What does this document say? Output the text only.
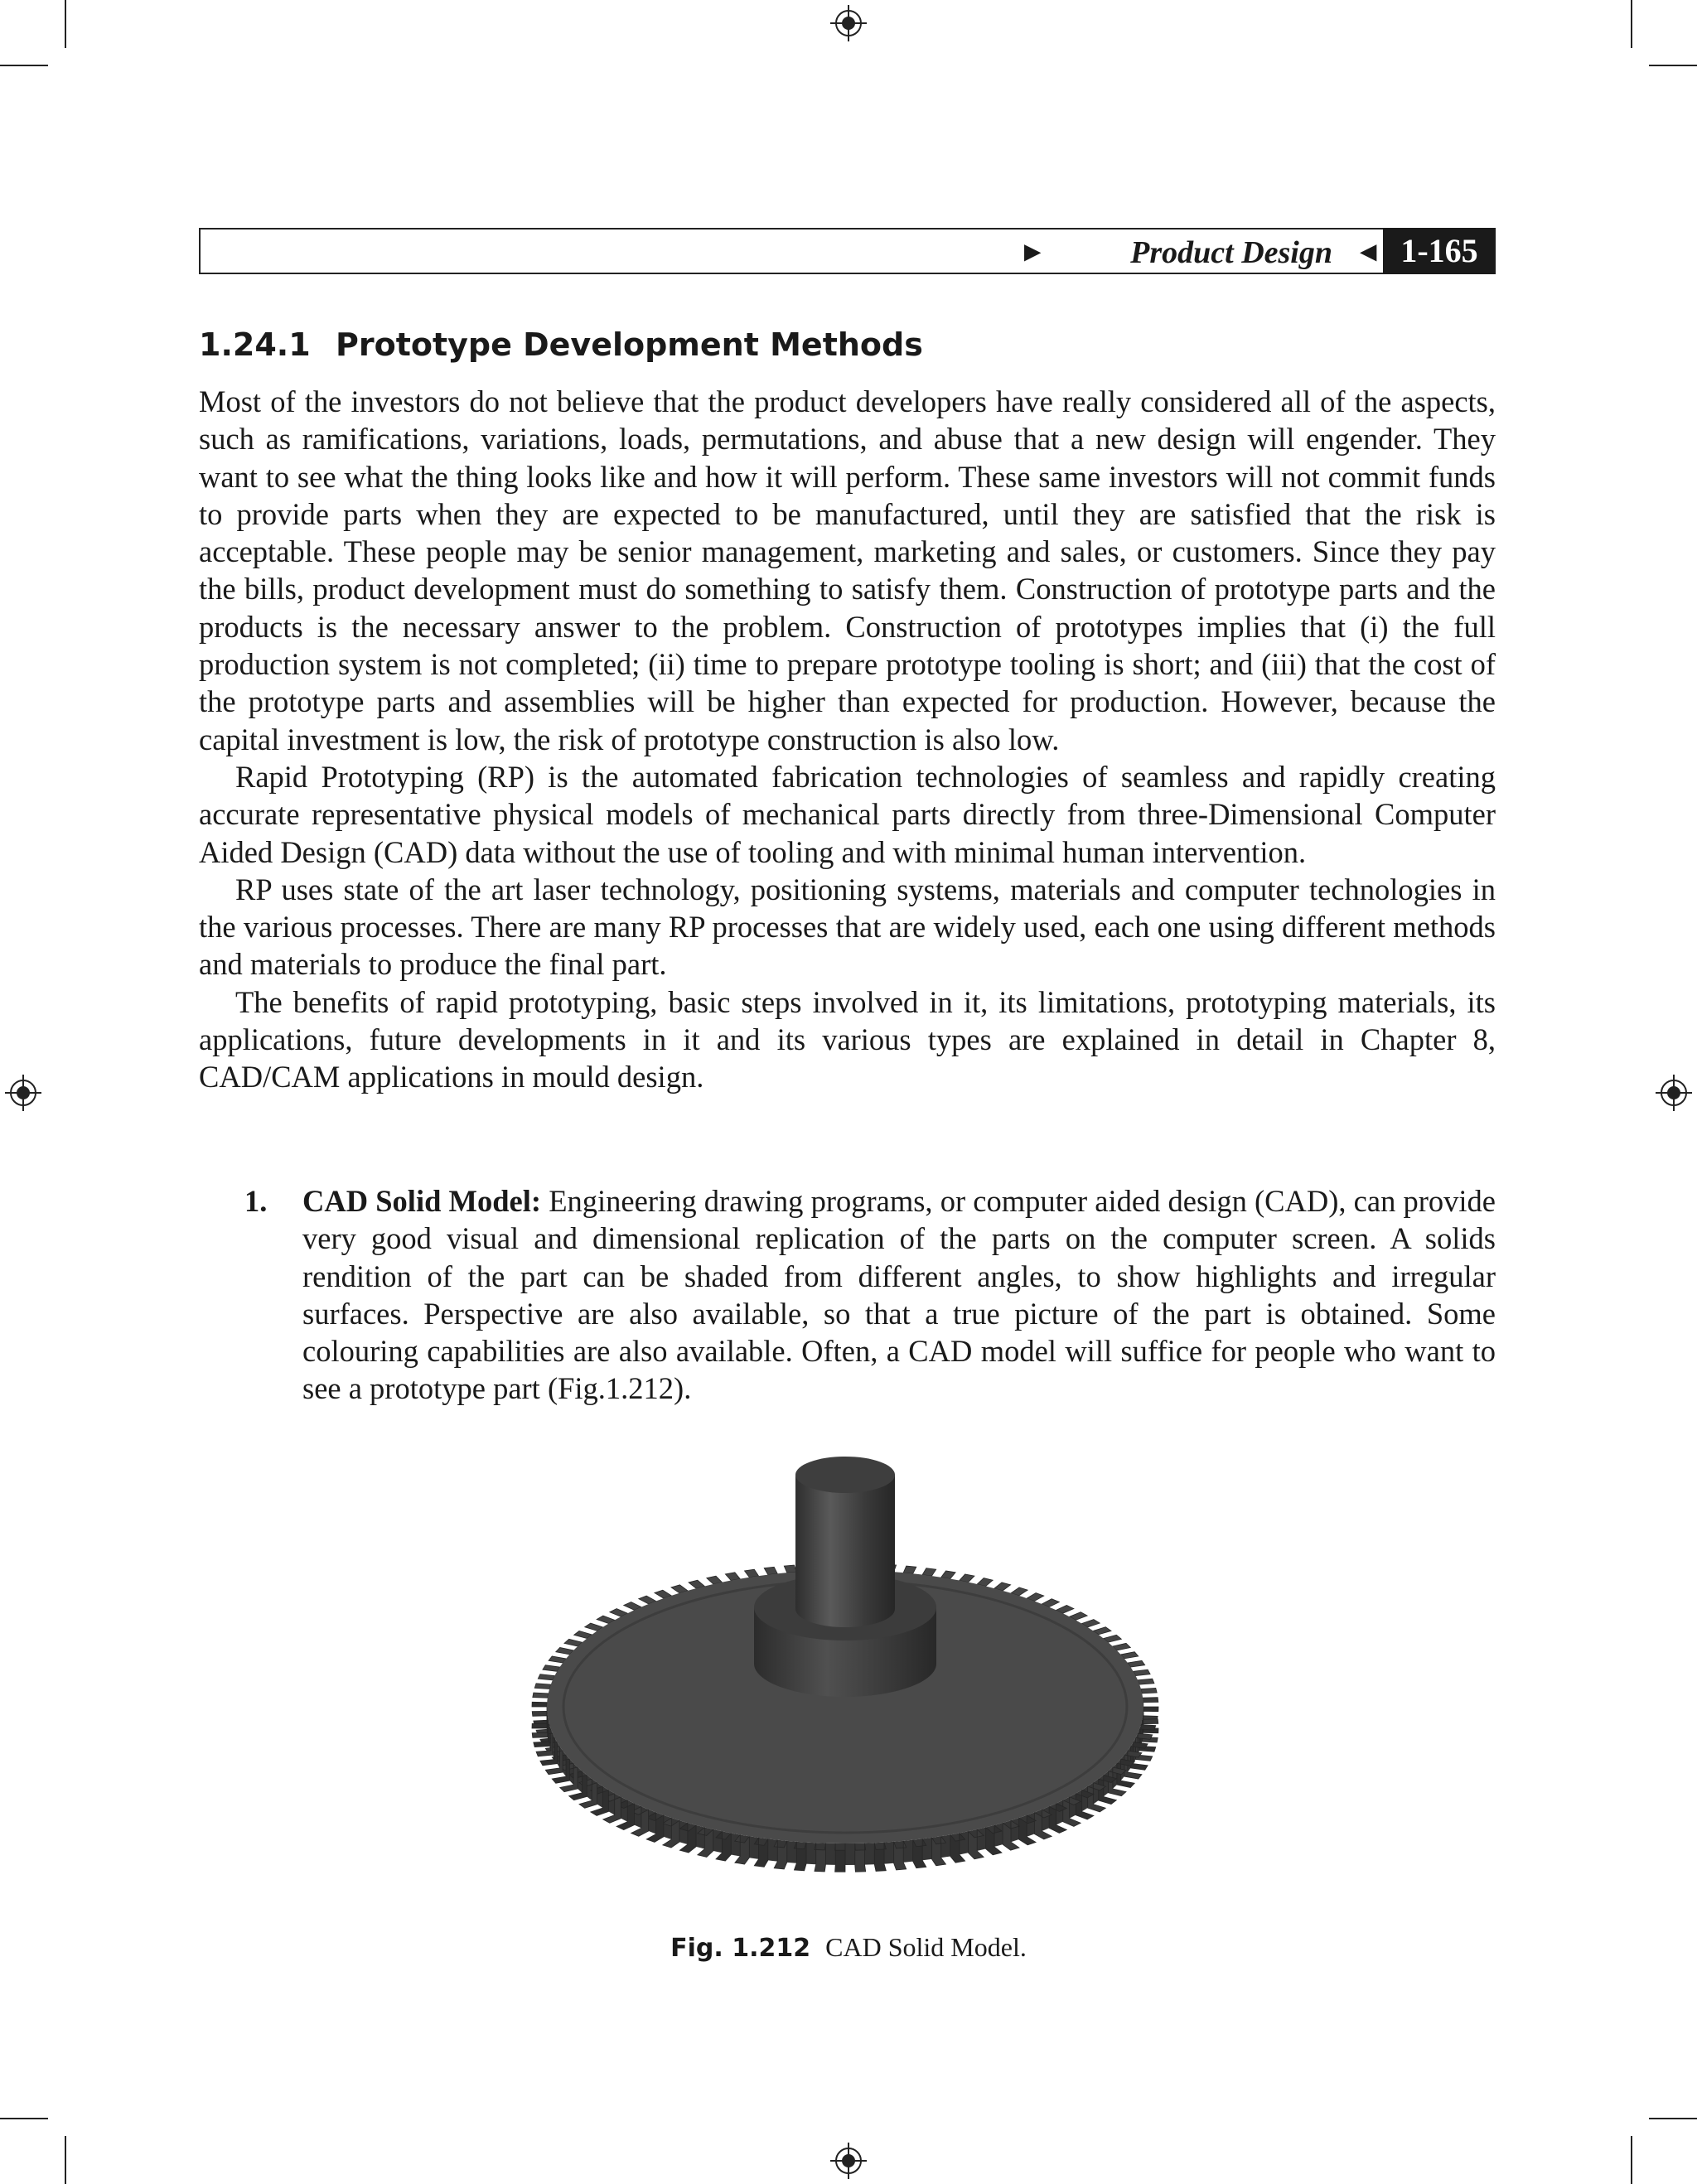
►	Product Design ◄ 1-165
1.24.1 Prototype Development Methods

Most of the investors do not believe that the product developers have really considered all of the aspects, such as ramifications, variations, loads, permutations, and abuse that a new design will engender. They want to see what the thing looks like and how it will perform. These same investors will not commit funds to provide parts when they are expected to be manufactured, until they are satisfied that the risk is acceptable. These people may be senior management, marketing and sales, or customers. Since they pay the bills, product development must do something to satisfy them. Construction of prototype parts and the products is the necessary answer to the problem. Construction of prototypes implies that (i) the full production system is not completed; (ii) time to prepare prototype tooling is short; and (iii) that the cost of the prototype parts and assemblies will be higher than expected for production. However, because the capital investment is low, the risk of prototype construction is also low.

Rapid Prototyping (RP) is the automated fabrication technologies of seamless and rapidly creating accurate representative physical models of mechanical parts directly from three-Dimensional Computer Aided Design (CAD) data without the use of tooling and with minimal human intervention.

RP uses state of the art laser technology, positioning systems, materials and computer technologies in the various processes. There are many RP processes that are widely used, each one using different methods and materials to produce the final part.

The benefits of rapid prototyping, basic steps involved in it, its limitations, prototyping materials, its applications, future developments in it and its various types are explained in detail in Chapter 8, CAD/CAM applications in mould design.

1. CAD Solid Model: Engineering drawing programs, or computer aided design (CAD), can provide very good visual and dimensional replication of the parts on the computer screen. A solids rendition of the part can be shaded from different angles, to show highlights and irregular surfaces. Perspective are also available, so that a true picture of the part is obtained. Some colouring capabilities are also available. Often, a CAD model will suffice for people who want to see a prototype part (Fig.1.212).
Fig. 1.212 CAD Solid Model.
